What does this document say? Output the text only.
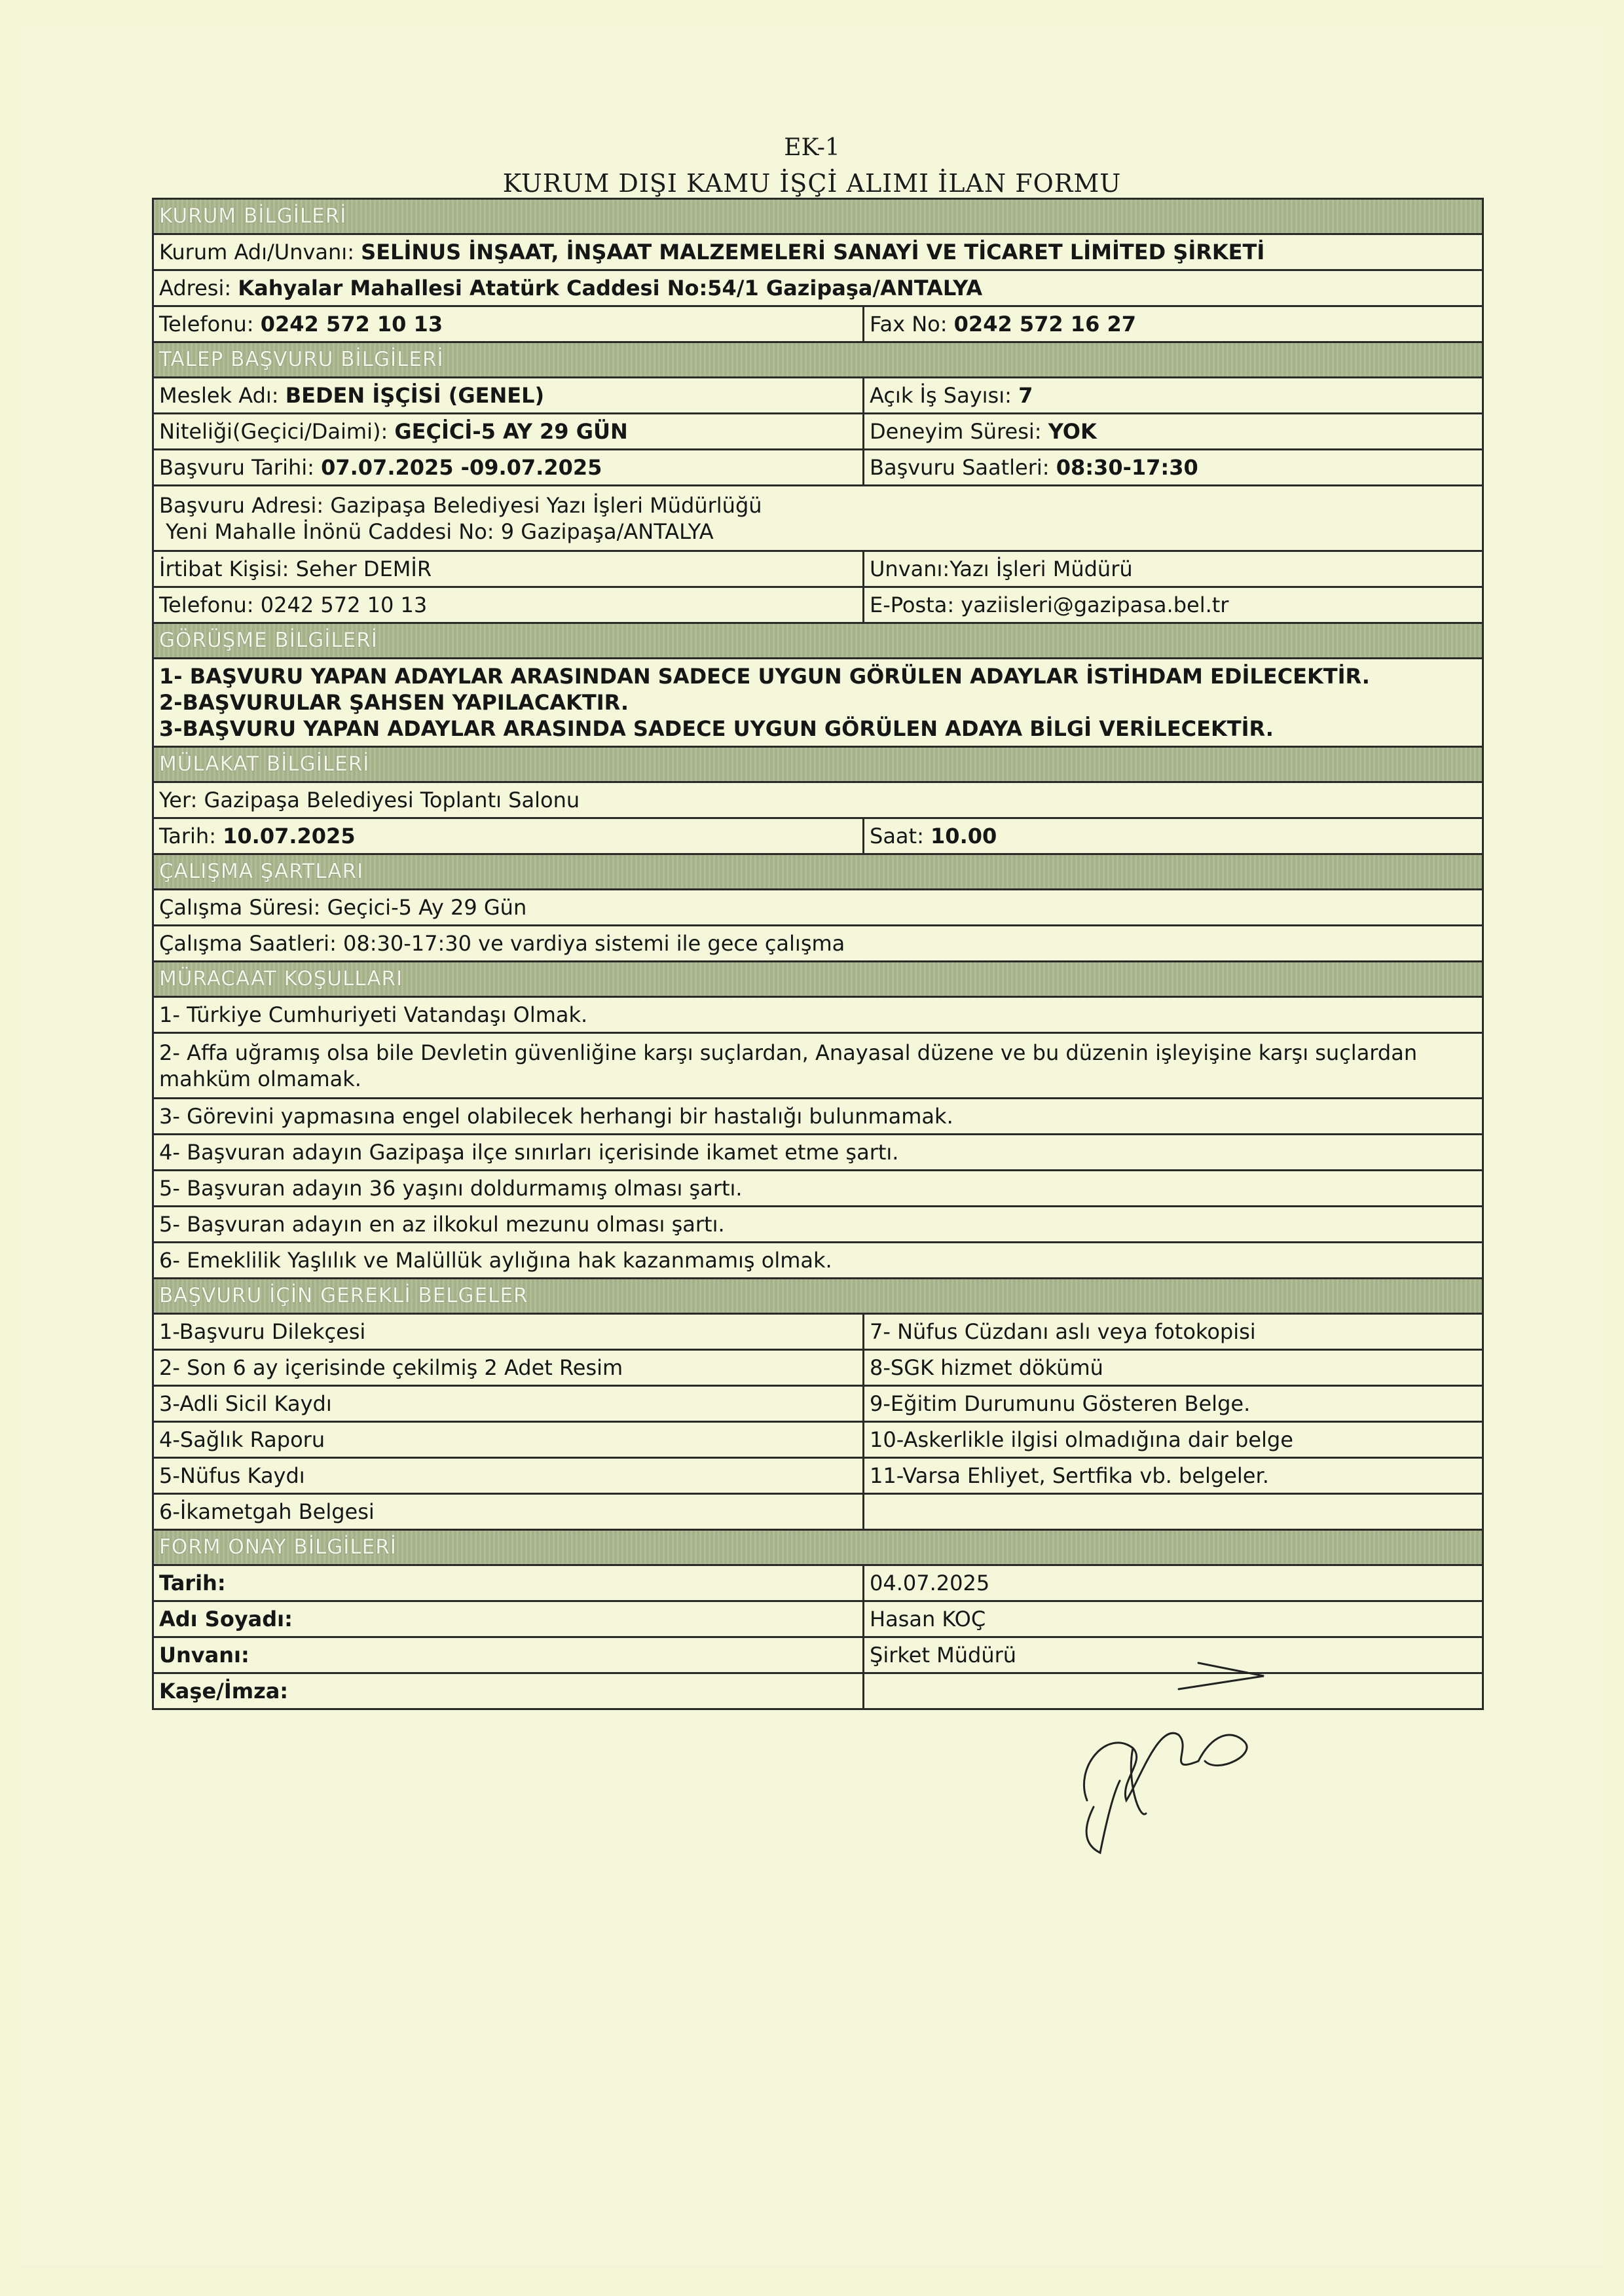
EK-1
KURUM DIŞI KAMU İŞÇİ ALIMI İLAN FORMU
KURUM BİLGİLERİ
Kurum Adı/Unvanı: SELİNUS İNŞAAT, İNŞAAT MALZEMELERİ SANAYİ VE TİCARET LİMİTED ŞİRKETİ
Adresi: Kahyalar Mahallesi Atatürk Caddesi No:54/1 Gazipaşa/ANTALYA
Telefonu: 0242 572 10 13	Fax No: 0242 572 16 27
TALEP BAŞVURU BİLGİLERİ
Meslek Adı: BEDEN İŞÇİSİ (GENEL)	Açık İş Sayısı: 7
Niteliği(Geçici/Daimi): GEÇİCİ-5 AY 29 GÜN	Deneyim Süresi: YOK
Başvuru Tarihi: 07.07.2025 -09.07.2025	Başvuru Saatleri: 08:30-17:30
Başvuru Adresi: Gazipaşa Belediyesi Yazı İşleri Müdürlüğü
Yeni Mahalle İnönü Caddesi No: 9 Gazipaşa/ANTALYA
İrtibat Kişisi: Seher DEMİR	Unvanı:Yazı İşleri Müdürü
Telefonu: 0242 572 10 13	E-Posta: yaziisleri@gazipasa.bel.tr
GÖRÜŞME BİLGİLERİ
1- BAŞVURU YAPAN ADAYLAR ARASINDAN SADECE UYGUN GÖRÜLEN ADAYLAR İSTİHDAM EDİLECEKTİR.
2-BAŞVURULAR ŞAHSEN YAPILACAKTIR.
3-BAŞVURU YAPAN ADAYLAR ARASINDA SADECE UYGUN GÖRÜLEN ADAYA BİLGİ VERİLECEKTİR.
MÜLAKAT BİLGİLERİ
Yer: Gazipaşa Belediyesi Toplantı Salonu
Tarih: 10.07.2025	Saat: 10.00
ÇALIŞMA ŞARTLARI
Çalışma Süresi: Geçici-5 Ay 29 Gün
Çalışma Saatleri: 08:30-17:30 ve vardiya sistemi ile gece çalışma
MÜRACAAT KOŞULLARI
1- Türkiye Cumhuriyeti Vatandaşı Olmak.
2- Affa uğramış olsa bile Devletin güvenliğine karşı suçlardan, Anayasal düzene ve bu düzenin işleyişine karşı suçlardan mahküm olmamak.
3- Görevini yapmasına engel olabilecek herhangi bir hastalığı bulunmamak.
4- Başvuran adayın Gazipaşa ilçe sınırları içerisinde ikamet etme şartı.
5- Başvuran adayın 36 yaşını doldurmamış olması şartı.
5- Başvuran adayın en az ilkokul mezunu olması şartı.
6- Emeklilik Yaşlılık ve Malüllük aylığına hak kazanmamış olmak.
BAŞVURU İÇİN GEREKLİ BELGELER
1-Başvuru Dilekçesi	7- Nüfus Cüzdanı aslı veya fotokopisi
2- Son 6 ay içerisinde çekilmiş 2 Adet Resim	8-SGK hizmet dökümü
3-Adli Sicil Kaydı	9-Eğitim Durumunu Gösteren Belge.
4-Sağlık Raporu	10-Askerlikle ilgisi olmadığına dair belge
5-Nüfus Kaydı	11-Varsa Ehliyet, Sertfika vb. belgeler.
6-İkametgah Belgesi
FORM ONAY BİLGİLERİ
Tarih:	04.07.2025
Adı Soyadı:	Hasan KOÇ
Unvanı:	Şirket Müdürü
Kaşe/İmza:
